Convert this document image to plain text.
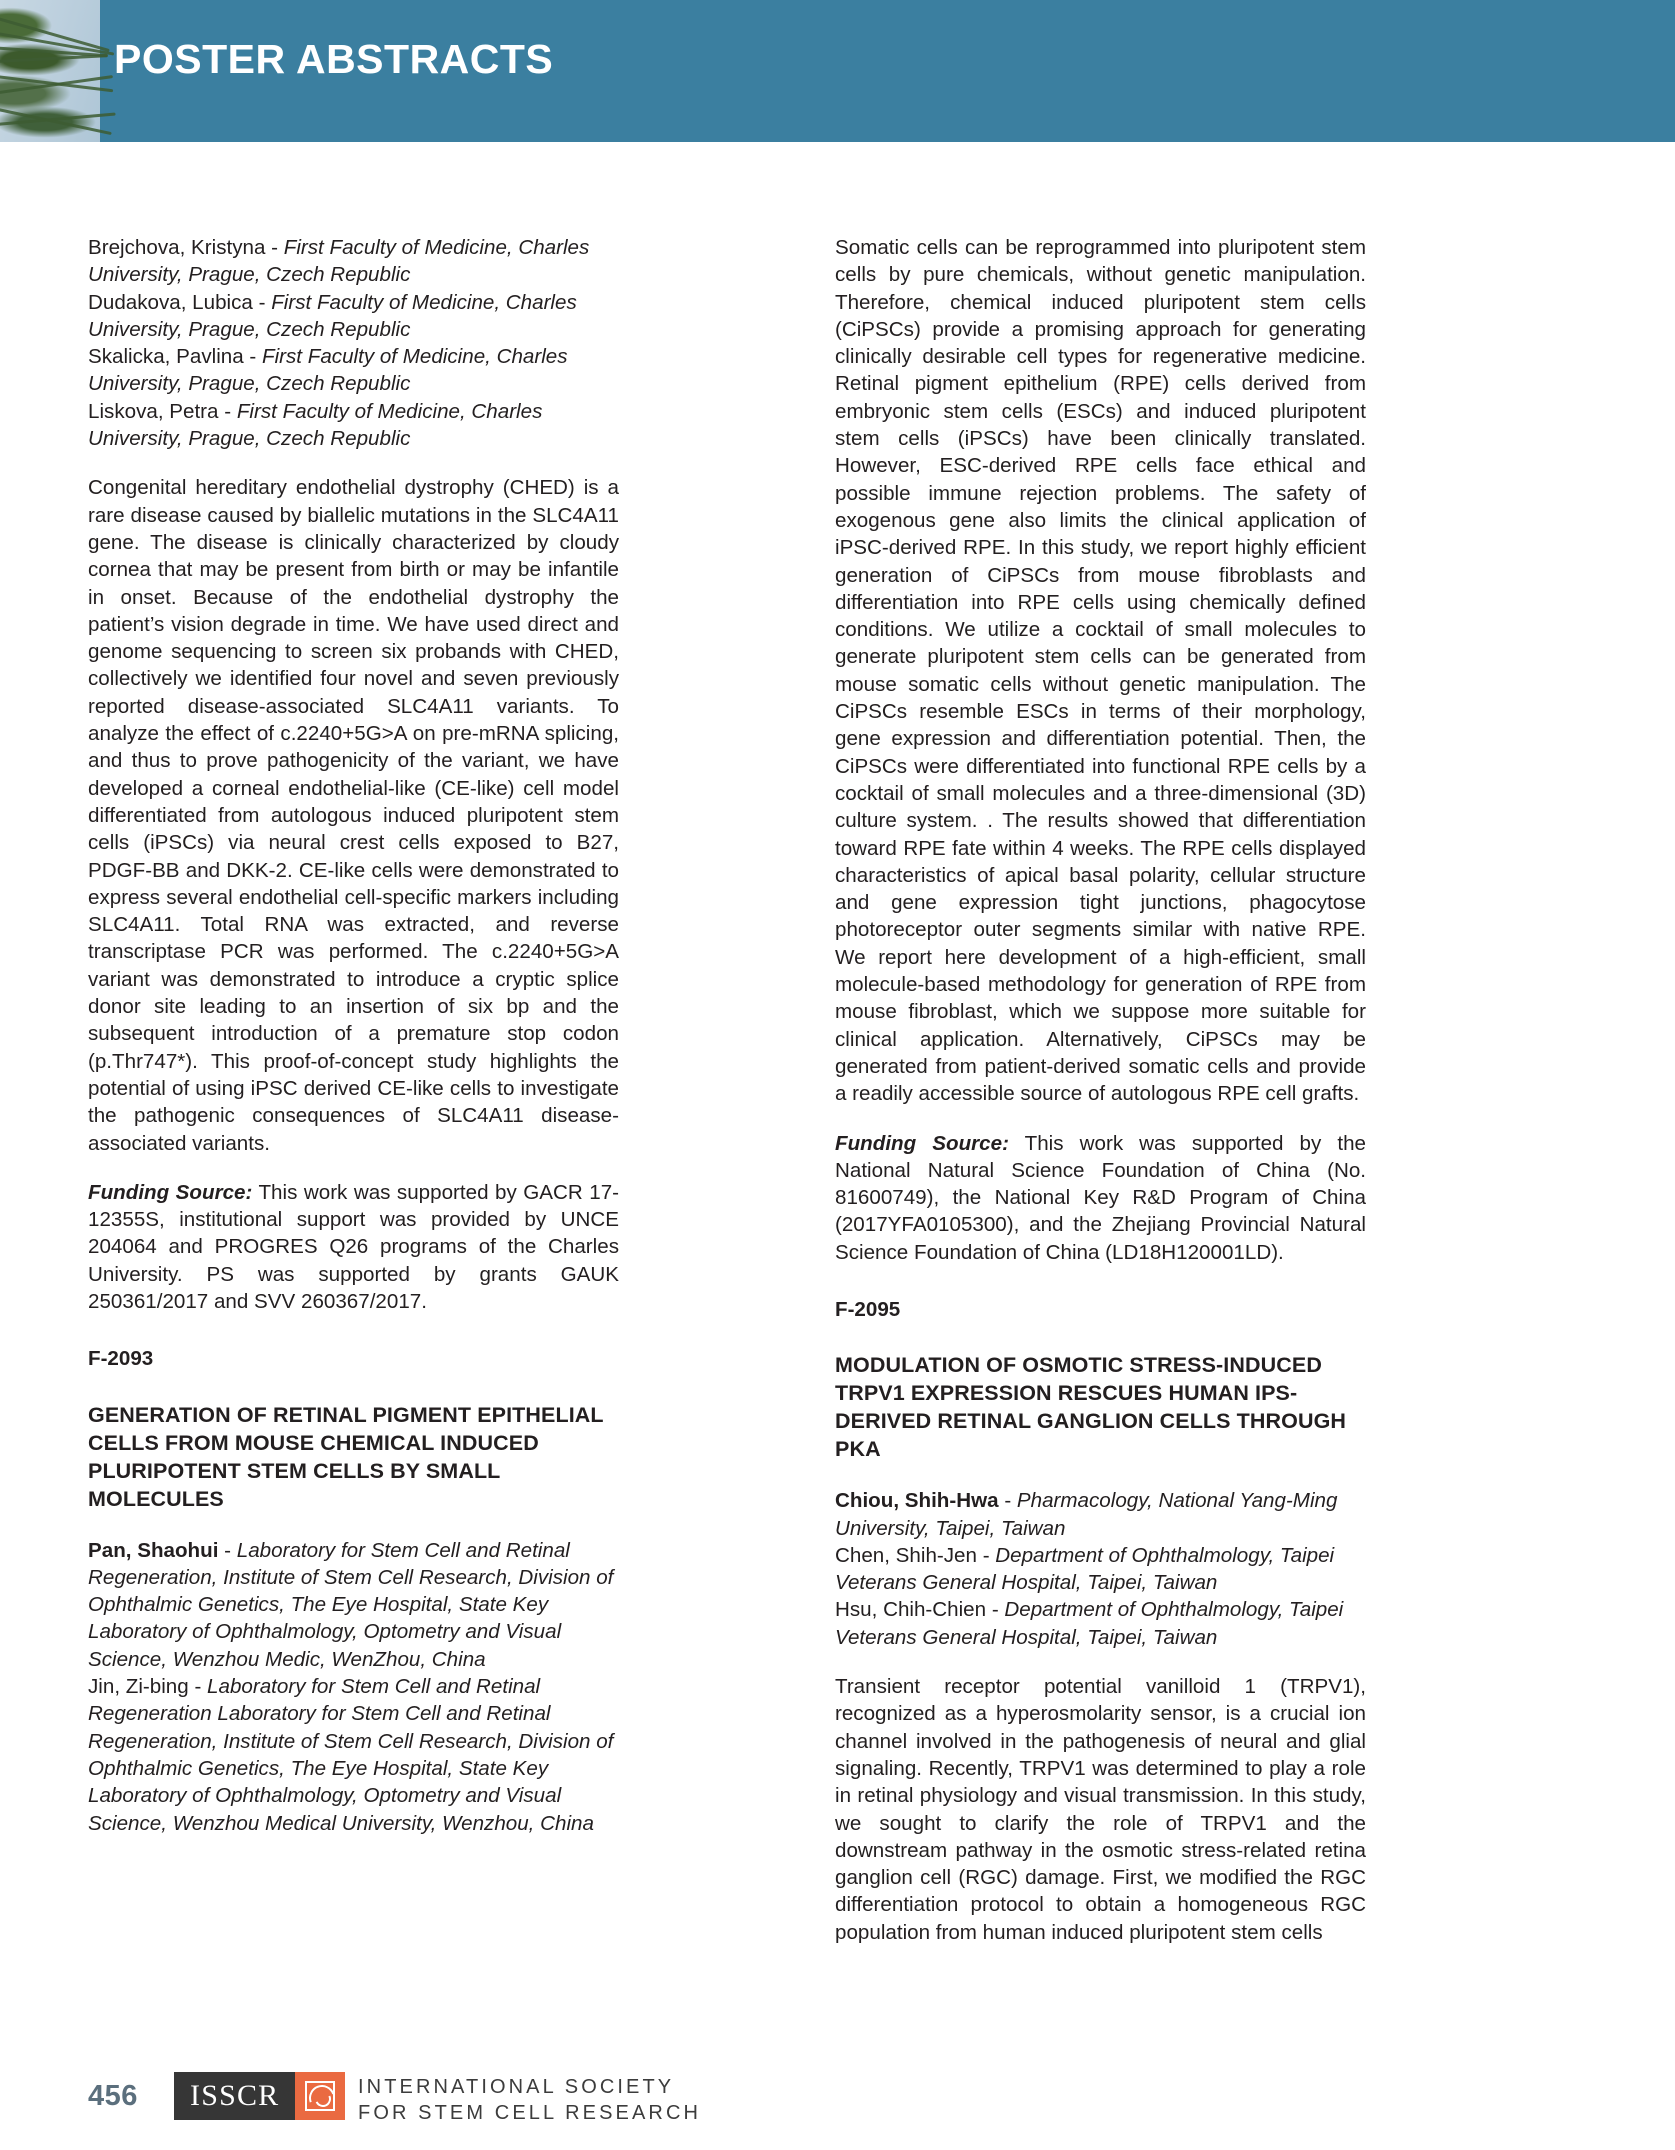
POSTER ABSTRACTS

Brejchova, Kristyna - First Faculty of Medicine, Charles University, Prague, Czech Republic

Dudakova, Lubica - First Faculty of Medicine, Charles University, Prague, Czech Republic

Skalicka, Pavlina - First Faculty of Medicine, Charles University, Prague, Czech Republic

Liskova, Petra - First Faculty of Medicine, Charles University, Prague, Czech Republic

Congenital hereditary endothelial dystrophy (CHED) is a rare disease caused by biallelic mutations in the SLC4A11 gene. The disease is clinically characterized by cloudy cornea that may be present from birth or may be infantile in onset. Because of the endothelial dystrophy the patient’s vision degrade in time. We have used direct and genome sequencing to screen six probands with CHED, collectively we identified four novel and seven previously reported disease-associated SLC4A11 variants. To analyze the effect of c.2240+5G>A on pre-mRNA splicing, and thus to prove pathogenicity of the variant, we have developed a corneal endothelial-like (CE-like) cell model differentiated from autologous induced pluripotent stem cells (iPSCs) via neural crest cells exposed to B27, PDGF-BB and DKK-2. CE-like cells were demonstrated to express several endothelial cell-specific markers including SLC4A11. Total RNA was extracted, and reverse transcriptase PCR was performed. The c.2240+5G>A variant was demonstrated to introduce a cryptic splice donor site leading to an insertion of six bp and the subsequent introduction of a premature stop codon (p.Thr747*). This proof-of-concept study highlights the potential of using iPSC derived CE-like cells to investigate the pathogenic consequences of SLC4A11 disease-associated variants.

Funding Source: This work was supported by GACR 17-12355S, institutional support was provided by UNCE 204064 and PROGRES Q26 programs of the Charles University. PS was supported by grants GAUK 250361/2017 and SVV 260367/2017.

F-2093
GENERATION OF RETINAL PIGMENT EPITHELIAL CELLS FROM MOUSE CHEMICAL INDUCED PLURIPOTENT STEM CELLS BY SMALL MOLECULES

Pan, Shaohui - Laboratory for Stem Cell and Retinal Regeneration, Institute of Stem Cell Research, Division of Ophthalmic Genetics, The Eye Hospital, State Key Laboratory of Ophthalmology, Optometry and Visual Science, Wenzhou Medic, WenZhou, China

Jin, Zi-bing - Laboratory for Stem Cell and Retinal Regeneration Laboratory for Stem Cell and Retinal Regeneration, Institute of Stem Cell Research, Division of Ophthalmic Genetics, The Eye Hospital, State Key Laboratory of Ophthalmology, Optometry and Visual Science, Wenzhou Medical University, Wenzhou, China

Somatic cells can be reprogrammed into pluripotent stem cells by pure chemicals, without genetic manipulation. Therefore, chemical induced pluripotent stem cells (CiPSCs) provide a promising approach for generating clinically desirable cell types for regenerative medicine. Retinal pigment epithelium (RPE) cells derived from embryonic stem cells (ESCs) and induced pluripotent stem cells (iPSCs) have been clinically translated. However, ESC-derived RPE cells face ethical and possible immune rejection problems. The safety of exogenous gene also limits the clinical application of iPSC-derived RPE. In this study, we report highly efficient generation of CiPSCs from mouse fibroblasts and differentiation into RPE cells using chemically defined conditions. We utilize a cocktail of small molecules to generate pluripotent stem cells can be generated from mouse somatic cells without genetic manipulation. The CiPSCs resemble ESCs in terms of their morphology, gene expression and differentiation potential. Then, the CiPSCs were differentiated into functional RPE cells by a cocktail of small molecules and a three-dimensional (3D) culture system. . The results showed that differentiation toward RPE fate within 4 weeks. The RPE cells displayed characteristics of apical basal polarity, cellular structure and gene expression tight junctions, phagocytose photoreceptor outer segments similar with native RPE. We report here development of a high-efficient, small molecule-based methodology for generation of RPE from mouse fibroblast, which we suppose more suitable for clinical application. Alternatively, CiPSCs may be generated from patient-derived somatic cells and provide a readily accessible source of autologous RPE cell grafts.

Funding Source: This work was supported by the National Natural Science Foundation of China (No. 81600749), the National Key R&D Program of China (2017YFA0105300), and the Zhejiang Provincial Natural Science Foundation of China (LD18H120001LD).

F-2095
MODULATION OF OSMOTIC STRESS-INDUCED TRPV1 EXPRESSION RESCUES HUMAN IPS-DERIVED RETINAL GANGLION CELLS THROUGH PKA

Chiou, Shih-Hwa - Pharmacology, National Yang-Ming University, Taipei, Taiwan

Chen, Shih-Jen - Department of Ophthalmology, Taipei Veterans General Hospital, Taipei, Taiwan

Hsu, Chih-Chien - Department of Ophthalmology, Taipei Veterans General Hospital, Taipei, Taiwan

Transient receptor potential vanilloid 1 (TRPV1), recognized as a hyperosmolarity sensor, is a crucial ion channel involved in the pathogenesis of neural and glial signaling. Recently, TRPV1 was determined to play a role in retinal physiology and visual transmission. In this study, we sought to clarify the role of TRPV1 and the downstream pathway in the osmotic stress-related retina ganglion cell (RGC) damage. First, we modified the RGC differentiation protocol to obtain a homogeneous RGC population from human induced pluripotent stem cells

456	ISSCR	INTERNATIONAL SOCIETY
FOR STEM CELL RESEARCH
